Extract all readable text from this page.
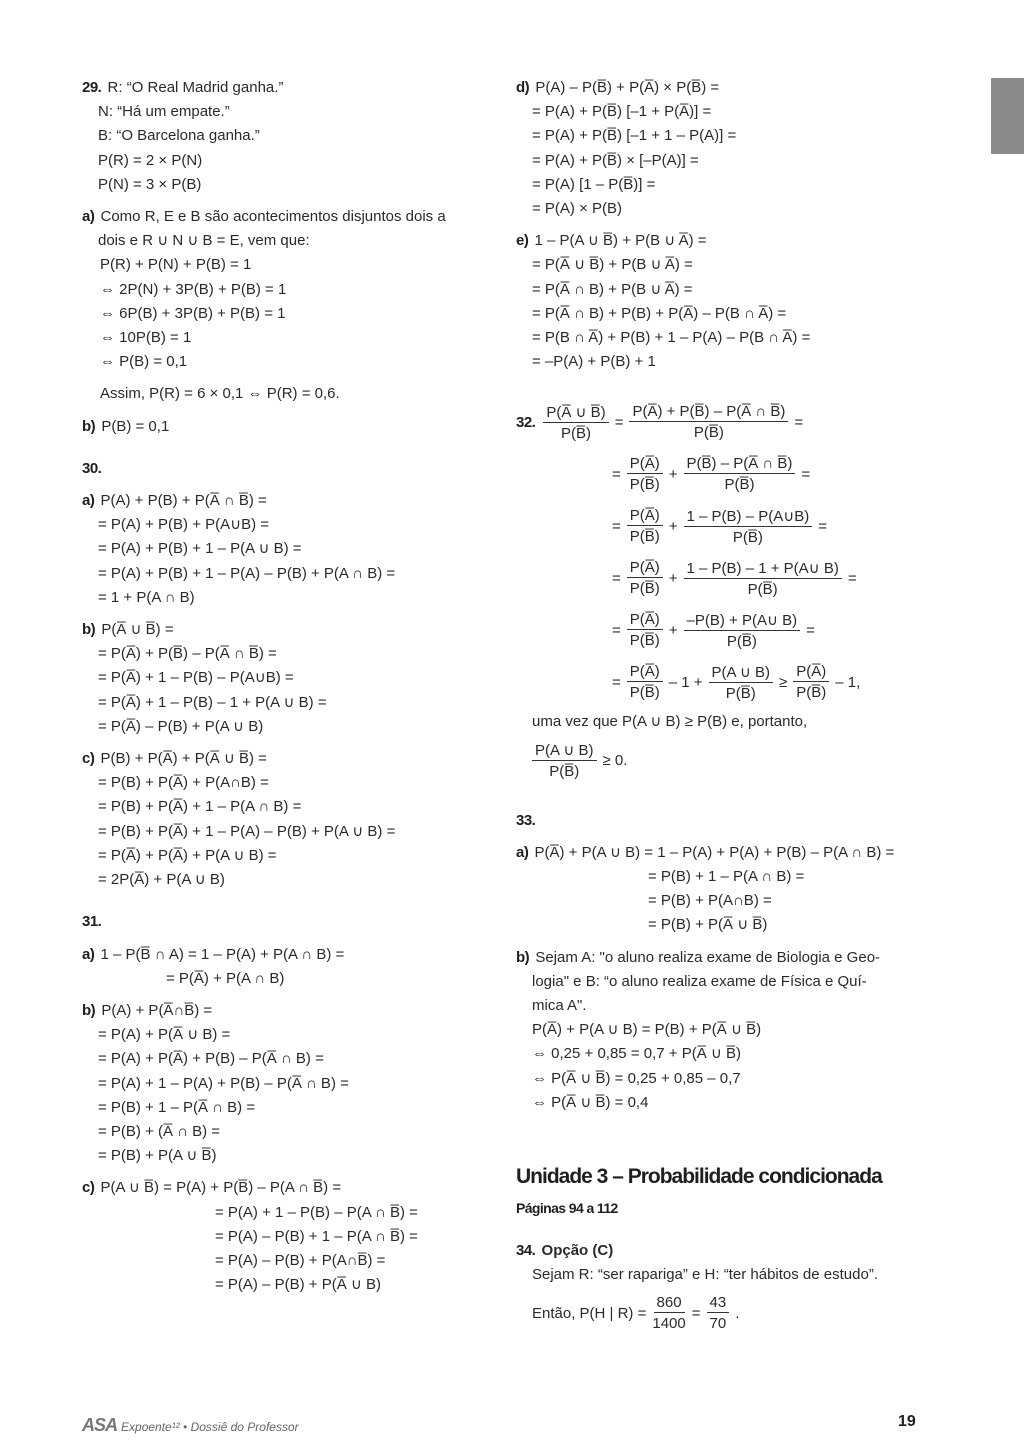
29. R: “O Real Madrid ganha.”
N: “Há um empate.”
B: “O Barcelona ganha.”
P(R) = 2 × P(N)
P(N) = 3 × P(B)
a) Como R, E e B são acontecimentos disjuntos dois a
dois e R ∪ N ∪ B = E, vem que:
P(R) + P(N) + P(B) = 1
⇔ 2P(N) + 3P(B) + P(B) = 1
⇔ 6P(B) + 3P(B) + P(B) = 1
⇔ 10P(B) = 1
⇔ P(B) = 0,1
Assim, P(R) = 6 × 0,1 ⇔ P(R) = 0,6.
b) P(B) = 0,1
30.
a) P(A) + P(B) + P(A̅ ∩ B̅) =
= P(A) + P(B) + P(A∪B) =
= P(A) + P(B) + 1 – P(A ∪ B) =
= P(A) + P(B) + 1 – P(A) – P(B) + P(A ∩ B) =
= 1 + P(A ∩ B)
b) P(A̅ ∪ B̅) =
= P(A̅) + P(B̅) – P(A̅ ∩ B̅) =
= P(A̅) + 1 – P(B) – P(A∪B) =
= P(A̅) + 1 – P(B) – 1 + P(A ∪ B) =
= P(A̅) – P(B) + P(A ∪ B)
c) P(B) + P(A̅) + P(A̅ ∪ B̅) =
= P(B) + P(A̅) + P(A∩B) =
= P(B) + P(A̅) + 1 – P(A ∩ B) =
= P(B) + P(A̅) + 1 – P(A) – P(B) + P(A ∪ B) =
= P(A̅) + P(A̅) + P(A ∪ B) =
= 2P(A̅) + P(A ∪ B)
31.
a) 1 – P(B̅ ∩ A) = 1 – P(A) + P(A ∩ B) =
= P(A̅) + P(A ∩ B)
b) P(A) + P(A̅∩B̅) =
= P(A) + P(A̅ ∪ B) =
= P(A) + P(A̅) + P(B) – P(A̅ ∩ B) =
= P(A) + 1 – P(A) + P(B) – P(A̅ ∩ B) =
= P(B) + 1 – P(A̅ ∩ B) =
= P(B) + (A̅ ∩ B) =
= P(B) + P(A ∪ B̅)
c) P(A ∪ B̅) = P(A) + P(B̅) – P(A ∩ B̅) =
= P(A) + 1 – P(B) – P(A ∩ B̅) =
= P(A) – P(B) + 1 – P(A ∩ B̅) =
= P(A) – P(B) + P(A∩B̅) =
= P(A) – P(B) + P(A̅ ∪ B)
d) P(A) – P(B̅) + P(A̅) × P(B̅) =
= P(A) + P(B̅) [–1 + P(A̅)] =
= P(A) + P(B̅) [–1 + 1 – P(A)] =
= P(A) + P(B̅) × [–P(A)] =
= P(A) [1 – P(B̅)] =
= P(A) × P(B)
e) 1 – P(A ∪ B̅) + P(B ∪ A̅) =
= P(A̅ ∪ B̅) + P(B ∪ A̅) =
= P(A̅ ∩ B) + P(B ∪ A̅) =
= P(A̅ ∩ B) + P(B) + P(A̅) – P(B ∩ A̅) =
= P(B ∩ A̅) + P(B) + 1 – P(A) – P(B ∩ A̅) =
= –P(A) + P(B) + 1
32. $\frac{P(A̅ \cup B̅)}{P(B̅)} = \frac{P(A̅) + P(B̅) - P(A̅ \cap B̅)}{P(B̅)}$ =
= $\frac{P(A̅)}{P(B̅)} + \frac{P(B̅) - P(A̅ \cap B̅)}{P(B̅)}$ =
= $\frac{P(A̅)}{P(B̅)} + \frac{1 - P(B) - P(A\cup B)}{P(B̅)}$ =
= $\frac{P(A̅)}{P(B̅)} + \frac{1 - P(B) - 1 + P(A\cup B)}{P(B̅)}$ =
= $\frac{P(A̅)}{P(B̅)} + \frac{-P(B) + P(A\cup B)}{P(B̅)}$ =
= $\frac{P(A̅)}{P(B̅)} - 1 + \frac{P(A \cup B)}{P(B̅)} \ge \frac{P(A̅)}{P(B̅)} - 1$,
uma vez que P(A ∪ B) ≥ P(B) e, portanto,
$\frac{P(A \cup B)}{P(B̅)} \ge 0$.
33.
a) P(A̅) + P(A ∪ B) = 1 – P(A) + P(A) + P(B) – P(A ∩ B) =
= P(B) + 1 – P(A ∩ B) =
= P(B) + P(A∩B) =
= P(B) + P(A̅ ∪ B̅)
b) Sejam A: "o aluno realiza exame de Biologia e Geo-
logia" e B: “o aluno realiza exame de Física e Quí-
mica A".
P(A̅) + P(A ∪ B) = P(B) + P(A̅ ∪ B̅)
⇔ 0,25 + 0,85 = 0,7 + P(A̅ ∪ B̅)
⇔ P(A̅ ∪ B̅) = 0,25 + 0,85 – 0,7
⇔ P(A̅ ∪ B̅) = 0,4
Unidade 3 – Probabilidade condicionada
Páginas 94 a 112
34. Opção (C)
Sejam R: “ser rapariga” e H: “ter hábitos de estudo”.
Então, P(H | $R) = \frac{860}{1400} = \frac{43}{70}$ .
ASA Expoente¹² • Dossiê do Professor	19
